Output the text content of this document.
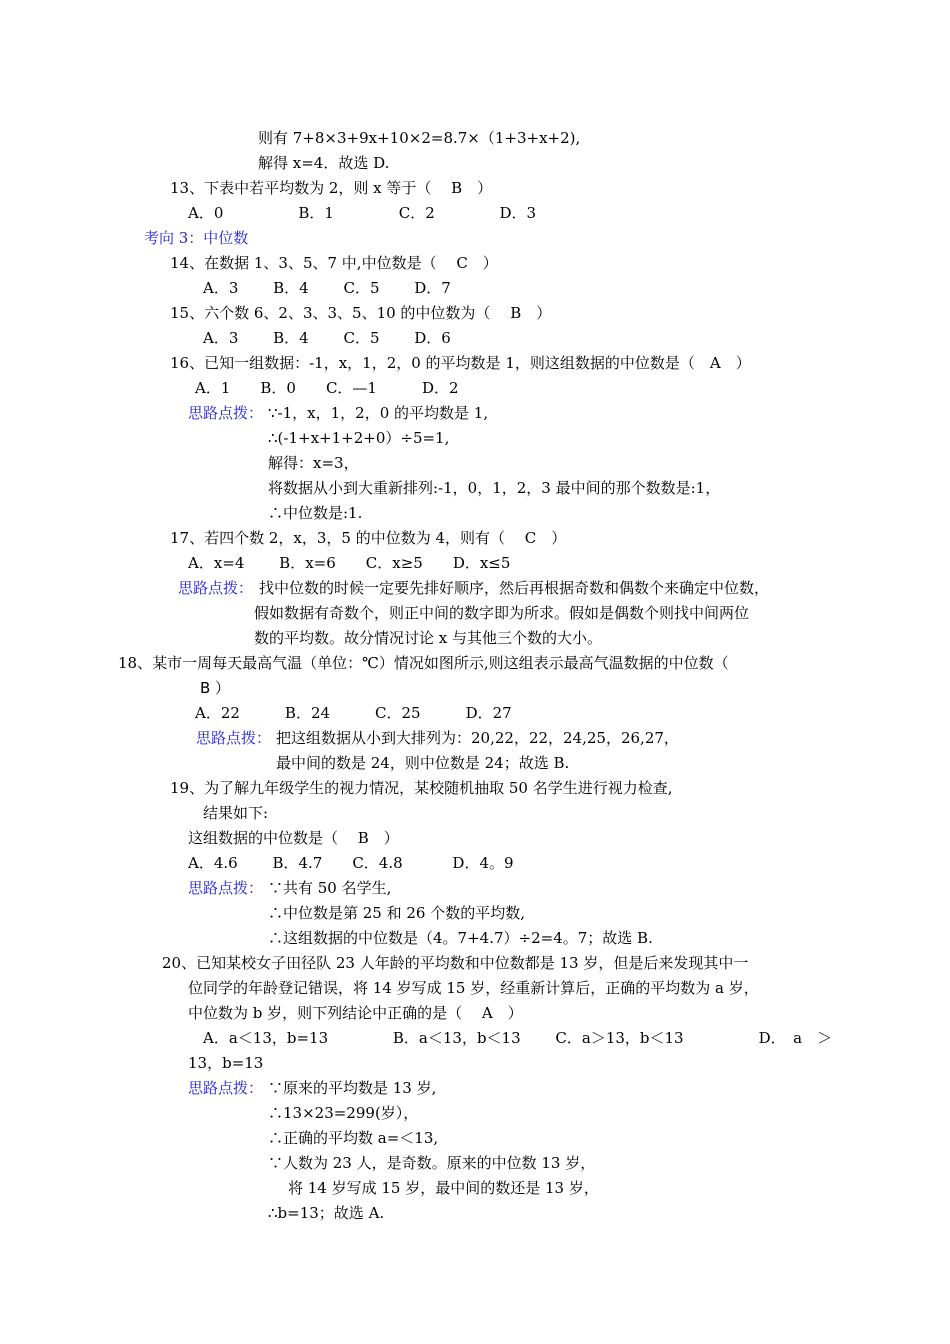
则有 7+8×3+9x+10×2=8.7×（1+3+x+2),
解得 x=4．故选 D.
13、下表中若平均数为 2，则 x 等于（　 B　）
A．0　　　　　B．1　　　　 C．2　　　　 D．3
考向 3：中位数
14、在数据 1、3、5、7 中,中位数是（　 C　）
A．3　　 B．4　　 C．5　　 D．7
15、六个数 6、2、3、3、5、10 的中位数为（　 B　）
A．3　　 B．4　　 C．5　　 D．6
16、已知一组数据：-1，x，1，2，0 的平均数是 1，则这组数据的中位数是（　A　）
A．1　　B．0　　C．—1　　　D．2
思路点拨： ∵-1，x，1，2，0 的平均数是 1,
∴(-1+x+1+2+0）÷5=1,
解得：x=3，
将数据从小到大重新排列:-1，0，1，2，3 最中间的那个数数是:1，
∴中位数是:1.
17、若四个数 2，x，3，5 的中位数为 4，则有（　 C　）
A．x=4　　 B．x=6　　C．x≥5　　D．x≤5
思路点拨： 找中位数的时候一定要先排好顺序，然后再根据奇数和偶数个来确定中位数，
假如数据有奇数个，则正中间的数字即为所求。假如是偶数个则找中间两位
数的平均数。故分情况讨论 x 与其他三个数的大小。
18、某市一周每天最高气温（单位：℃）情况如图所示,则这组表示最高气温数据的中位数（
B ）
A．22　　　B．24　　　C．25　　　D．27
思路点拨： 把这组数据从小到大排列为：20,22，22，24,25，26,27，
最中间的数是 24，则中位数是 24；故选 B.
19、为了解九年级学生的视力情况，某校随机抽取 50 名学生进行视力检查,
结果如下:
这组数据的中位数是（　 B　）
A．4.6　　 B．4.7　　C．4.8　　　 D．4。9
思路点拨： ∵共有 50 名学生,
∴中位数是第 25 和 26 个数的平均数,
∴这组数据的中位数是（4。7+4.7）÷2=4。7；故选 B.
20、已知某校女子田径队 23 人年龄的平均数和中位数都是 13 岁，但是后来发现其中一
位同学的年龄登记错误，将 14 岁写成 15 岁，经重新计算后，正确的平均数为 a 岁，
中位数为 b 岁，则下列结论中正确的是（　 A　）
A．a＜13，b=13　　　　 B．a＜13，b＜13　　 C．a＞13，b＜13　　　　　D．　a　＞
13，b=13
思路点拨： ∵原来的平均数是 13 岁,
∴13×23=299(岁），
∴正确的平均数 a=＜13,
∵人数为 23 人，是奇数。原来的中位数 13 岁，
将 14 岁写成 15 岁，最中间的数还是 13 岁，
∴b=13；故选 A.
